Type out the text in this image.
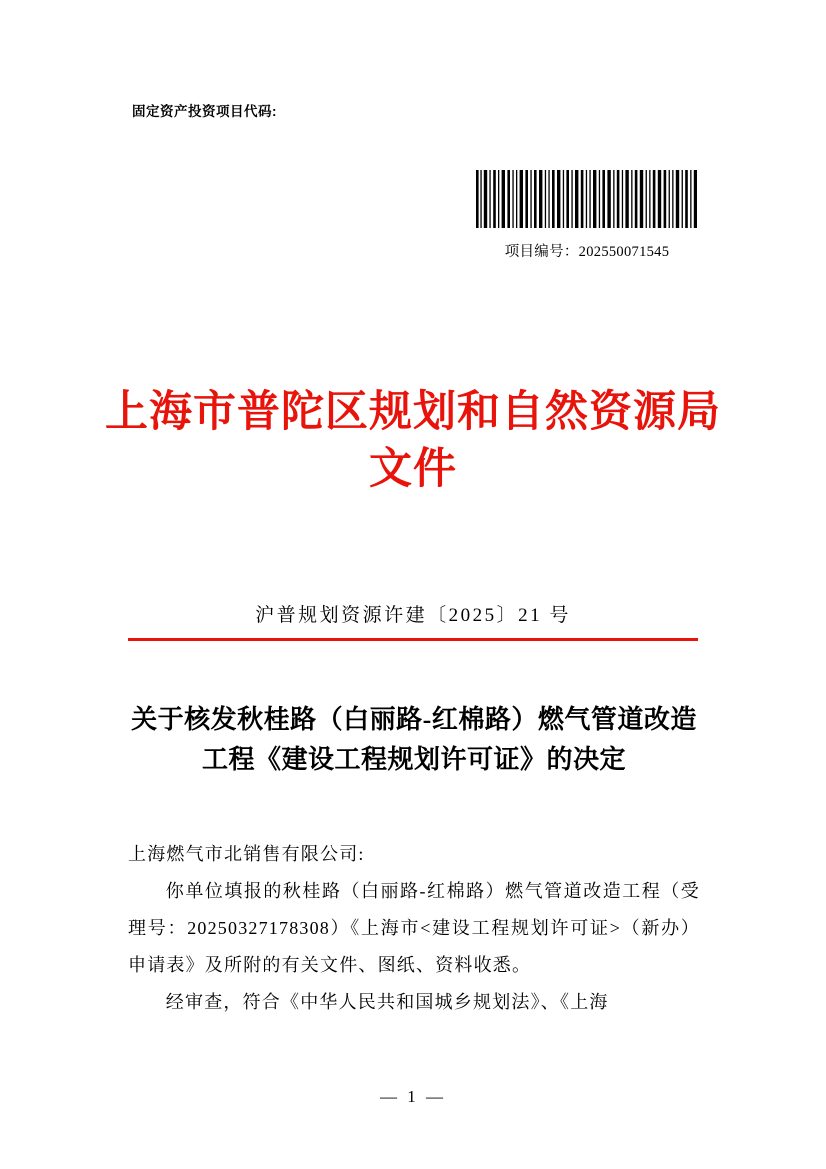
固定资产投资项目代码:
项目编号：202550071545
上海市普陀区规划和自然资源局
文件
沪普规划资源许建〔2025〕21 号
关于核发秋桂路（白丽路-红棉路）燃气管道改造工程《建设工程规划许可证》的决定

上海燃气市北销售有限公司:

你单位填报的秋桂路（白丽路-红棉路）燃气管道改造工程（受理号：20250327178308）《上海市<建设工程规划许可证>（新办）申请表》及所附的有关文件、图纸、资料收悉。

经审查，符合《中华人民共和国城乡规划法》、《上海

— 1 —
